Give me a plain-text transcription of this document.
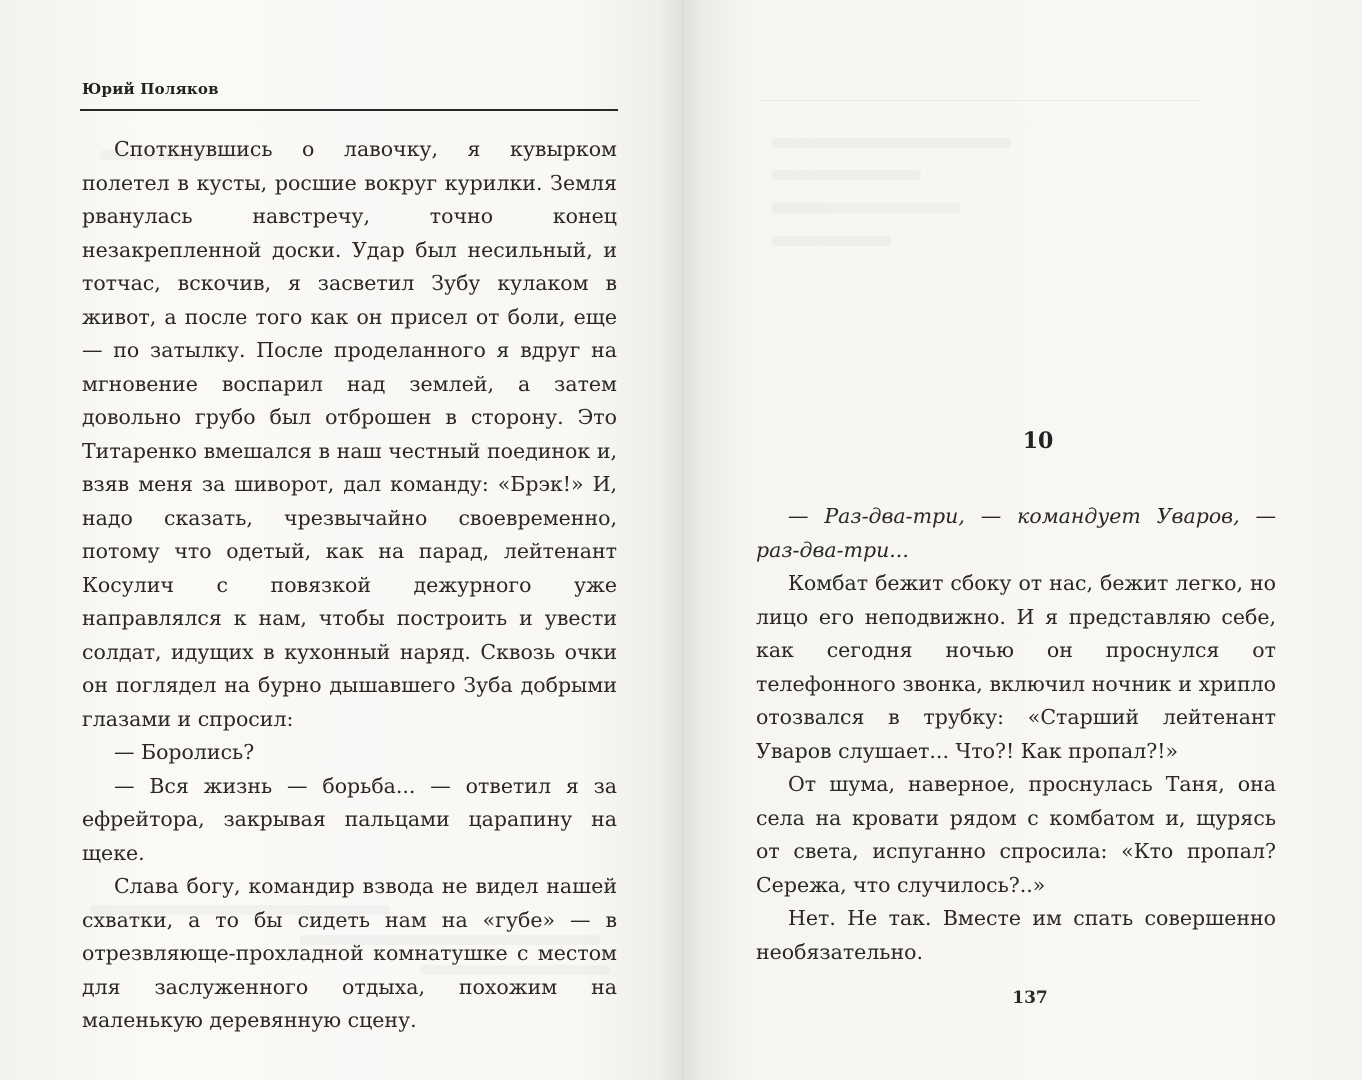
Юрий Поляков

Споткнувшись о лавочку, я кувырком полетел в кусты, росшие вокруг курилки. Земля рванулась навстречу, точно конец незакрепленной доски. Удар был несильный, и тотчас, вскочив, я засветил Зубу кулаком в живот, а после того как он присел от боли, еще — по затылку. После проделанного я вдруг на мгновение воспарил над землей, а затем довольно грубо был отброшен в сторону. Это Титаренко вмешался в наш честный поединок и, взяв меня за шиворот, дал команду: «Брэк!» И, надо сказать, чрезвычайно своевременно, потому что одетый, как на парад, лейтенант Косулич с повязкой дежурного уже направлялся к нам, чтобы построить и увести солдат, идущих в кухонный наряд. Сквозь очки он поглядел на бурно дышавшего Зуба добрыми глазами и спросил:

— Боролись?

— Вся жизнь — борьба... — ответил я за ефрейтора, закрывая пальцами царапину на щеке.

Слава богу, командир взвода не видел нашей схватки, а то бы сидеть нам на «губе» — в отрезвляюще-прохладной комнатушке с местом для заслуженного отдыха, похожим на маленькую деревянную сцену.

10

— Раз-два-три, — командует Уваров, — раз-два-три...

Комбат бежит сбоку от нас, бежит легко, но лицо его неподвижно. И я представляю себе, как сегодня ночью он проснулся от телефонного звонка, включил ночник и хрипло отозвался в трубку: «Старший лейтенант Уваров слушает... Что?! Как пропал?!»

От шума, наверное, проснулась Таня, она села на кровати рядом с комбатом и, щурясь от света, испуганно спросила: «Кто пропал? Сережа, что случилось?..»

Нет. Не так. Вместе им спать совершенно необязательно.

137
